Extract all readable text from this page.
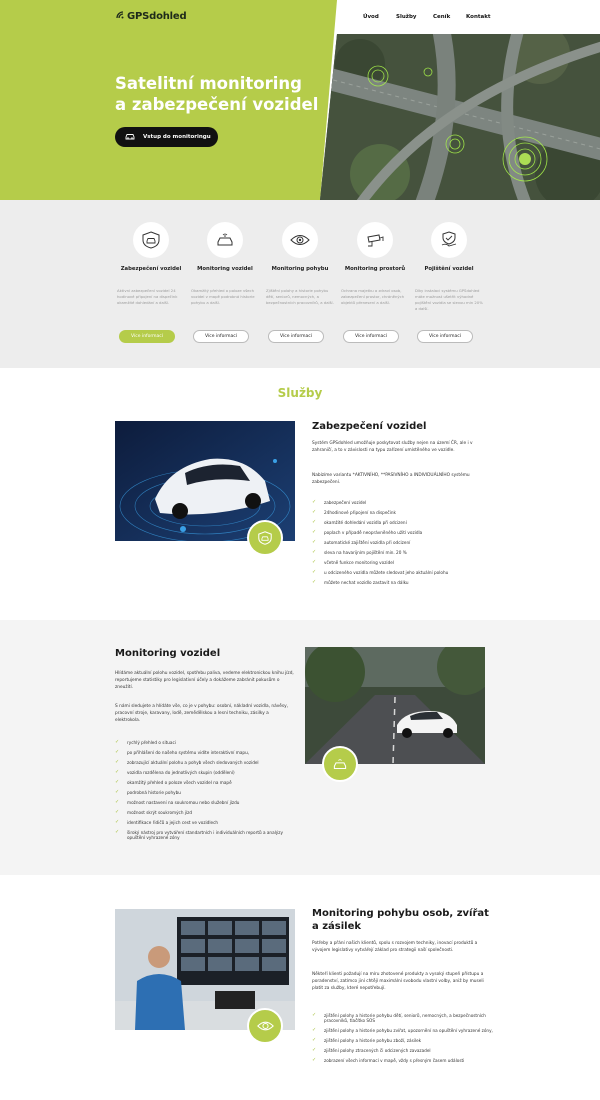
GPSdohled	Úvod	Služby	Ceník	Kontakt
Satelitní monitoring
a zabezpečení vozidel
Vstup do monitoringu
Zabezpečení vozidel
Aktivní zabezpečení vozidel 24 hodinové připojení na dispečink okamžité dohledání a další.
Více informací
Monitoring vozidel
Okamžitý přehled o poloze všech vozidel v mapě podrobná historie pohybu a další.
Více informací
Monitoring pohybu
Zjištění polohy a historie pohybu dětí, seniorů, nemocných, a bezpečnostních pracovníků, a další.
Více informací
Monitoring prostorů
Ochrana majetku a zdraví osob, zabezpečení prostor, chráněných objektů přenesení a další.
Více informací
Pojištění vozidel
Díky instalaci systému GPSdohled máte možnost ušetřit výhodné pojištění vozidla se slevou min 20% a další.
Více informací
Služby
Zabezpečení vozidel
Systém GPSdohled umožňuje poskytovat služby nejen na území ČR, ale i v zahraničí, a to v závislosti na typu zařízení umístěného ve vozidle.
Nabízíme variantu *AKTIVNÍHO, **PASIVNÍHO a INDIVIDUÁLNÍHO systému zabezpečení.
✓ zabezpečení vozidel
✓ 24hodinové připojení na dispečink
✓ okamžité dohledání vozidla při odcizení
✓ poplach v případě neoprávněného užití vozidla
✓ automatické zajištění vozidla při odcizení
✓ sleva na havarijním pojištění min. 20 %
✓ včetně funkce monitoring vozidel
✓ u odcizeného vozidla můžete sledovat jeho aktuální polohu
✓ můžete nechat vozidlo zastavit na dálku
Monitoring vozidel
Hlídáme aktuální polohu vozidel, spotřebu paliva, vedeme elektronickou knihu jízd, reportujeme statistiky pro legislativní účely a dokážeme zabránit pokusům o zneužití.
S námi sledujete a hlídáte vše, co je v pohybu: osobní, nákladní vozidla, návěsy, pracovní stroje, karavany, lodě, zemědělskou a lesní techniku, zásilky a elektrokola.
✓ rychlý přehled o situaci
✓ po přihlášení do našeho systému vidíte interaktivní mapu,
✓ zobrazující aktuální polohu a pohyb všech sledovaných vozidel
✓ vozidla rozdělena do jednotlivých skupin (oddělení)
✓ okamžitý přehled o poloze všech vozidel na mapě
✓ podrobná historie pohybu
✓ možnost nastavení na soukromou nebo služební jízdu
✓ možnost skrýt soukromých jízd
✓ identifikace řidičů a jejich cest ve vozidlech
✓ široký nástroj pro vytváření standartních i individuálních reportů a analýzy opuštění vyhrazené zóny
Monitoring pohybu osob, zvířat
a zásilek
Potřeby a přání našich klientů, spolu s rozvojem techniky, inovací produktů a vývojem legislativy vytvářejí základ pro strategii naší společnosti.
Někteří klienti požadují na míru zhotovené produkty a vysoký stupeň přístupu a poradenství, zatímco jiní chtějí maximální svobodu vlastní volby, aniž by museli platit za služby, které nepotřebují.
✓ zjištění polohy a historie pohybu dětí, seniorů, nemocných, a bezpečnostních pracovníků, tlačítko SOS
✓ zjištění polohy a historie pohybu zvířat, upozornění na opuštění vyhrazené zóny,
✓ zjištění polohy a historie pohybu zboží, zásilek
✓ zjištění polohy ztracených či odcizených zavazadel
✓ zobrazení všech informací v mapě, vždy s přesným časem události
